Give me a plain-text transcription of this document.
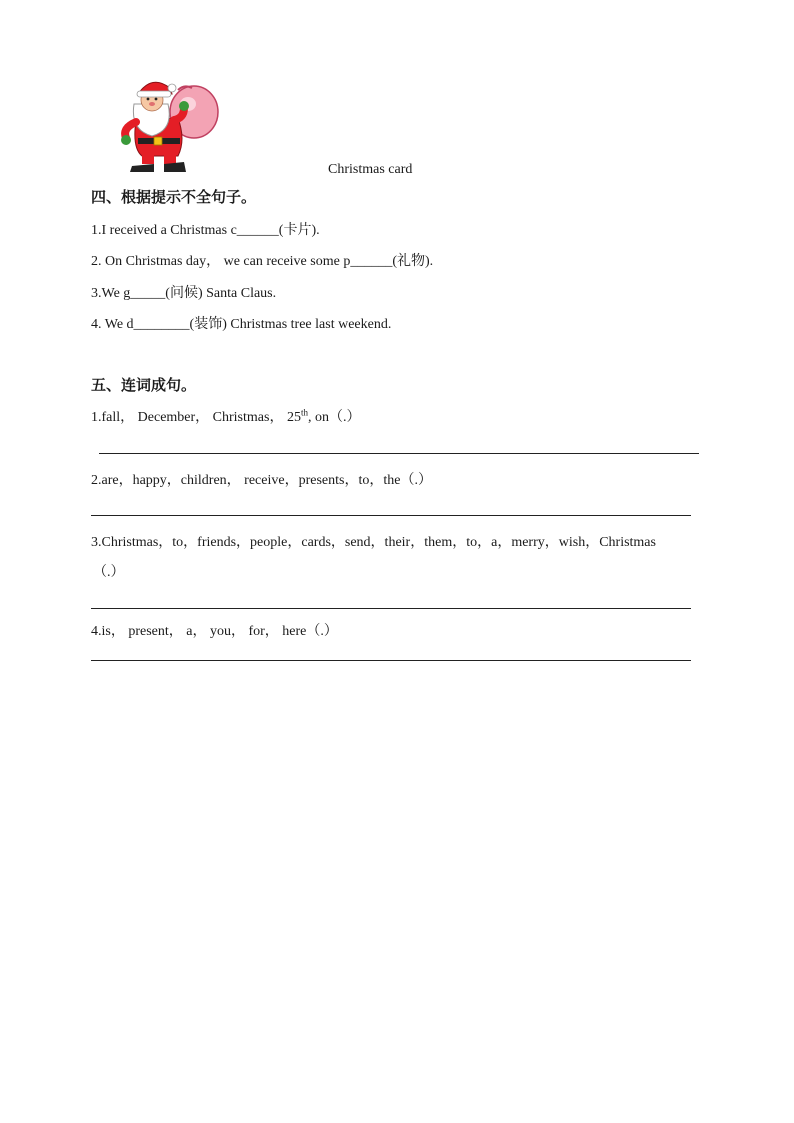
Christmas card
四、根据提示不全句子。
1.I received a Christmas c______(卡片).
2. On Christmas day， we can receive some p______(礼物).
3.We g_____(问候) Santa Claus.
4. We d________(装饰) Christmas tree last weekend.
五、连词成句。
1.fall， December， Christmas， 25th, on（.）
2.are，happy，children， receive，presents，to，the（.）
3.Christmas，to，friends，people，cards，send，their，them，to，a，merry，wish，Christmas
（.）
4.is， present， a， you， for， here（.）
